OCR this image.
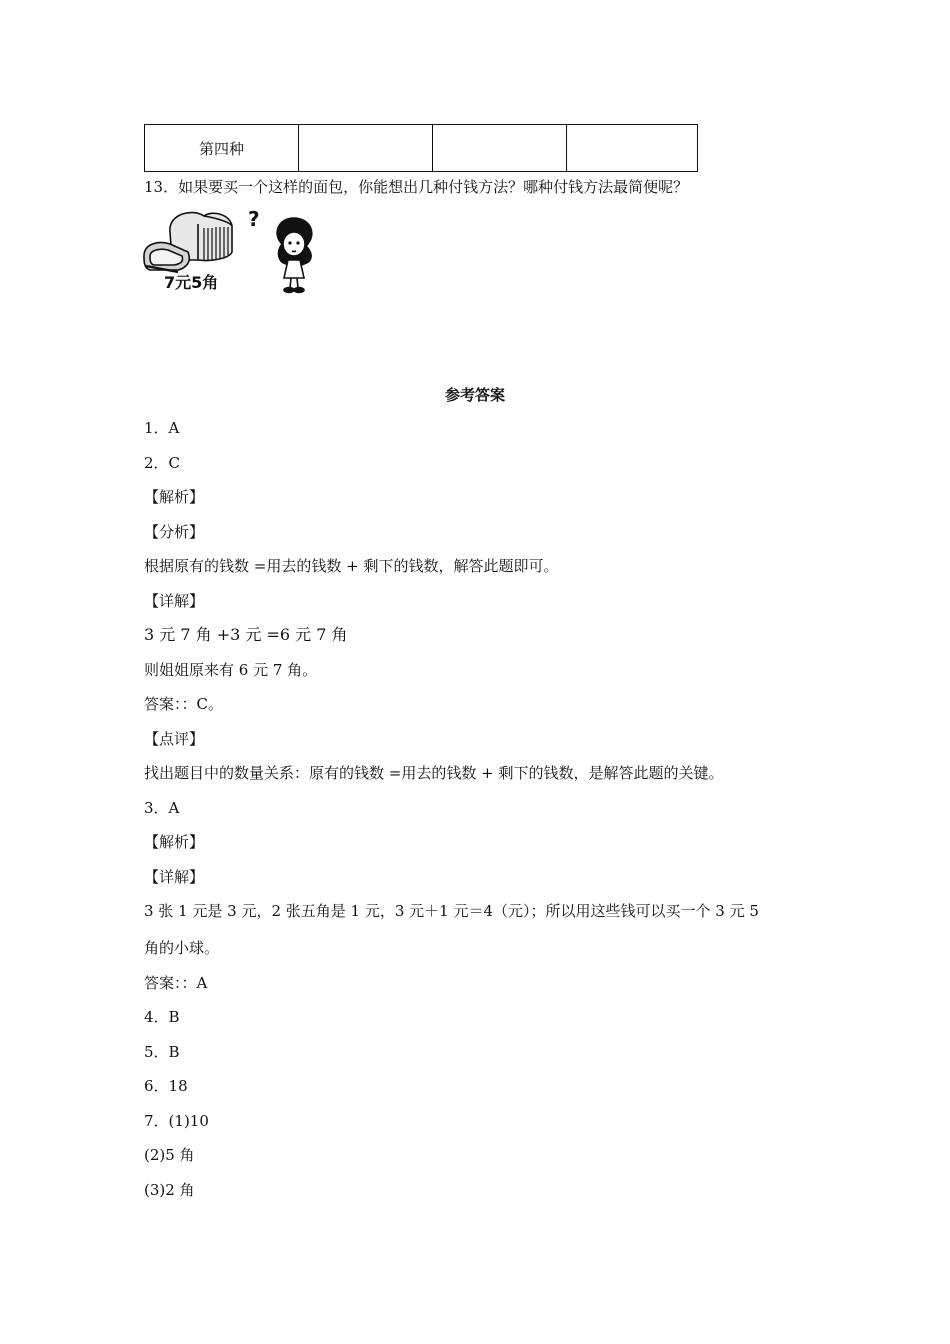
第四种			
13．如果要买一个这样的面包，你能想出几种付钱方法？哪种付钱方法最简便呢？
?
7元5角
参考答案
1．A
2．C
【解析】
【分析】
根据原有的钱数 =用去的钱数 + 剩下的钱数，解答此题即可。
【详解】
3 元 7 角 +3 元 =6 元 7 角
则姐姐原来有 6 元 7 角。
答案：：C。
【点评】
找出题目中的数量关系：原有的钱数 =用去的钱数 + 剩下的钱数，是解答此题的关键。
3．A
【解析】
【详解】
3 张 1 元是 3 元，2 张五角是 1 元，3 元＋1 元＝4（元）；所以用这些钱可以买一个 3 元 5
角的小球。
答案：：A
4．B
5．B
6．18
7．(1)10
(2)5 角
(3)2 角
